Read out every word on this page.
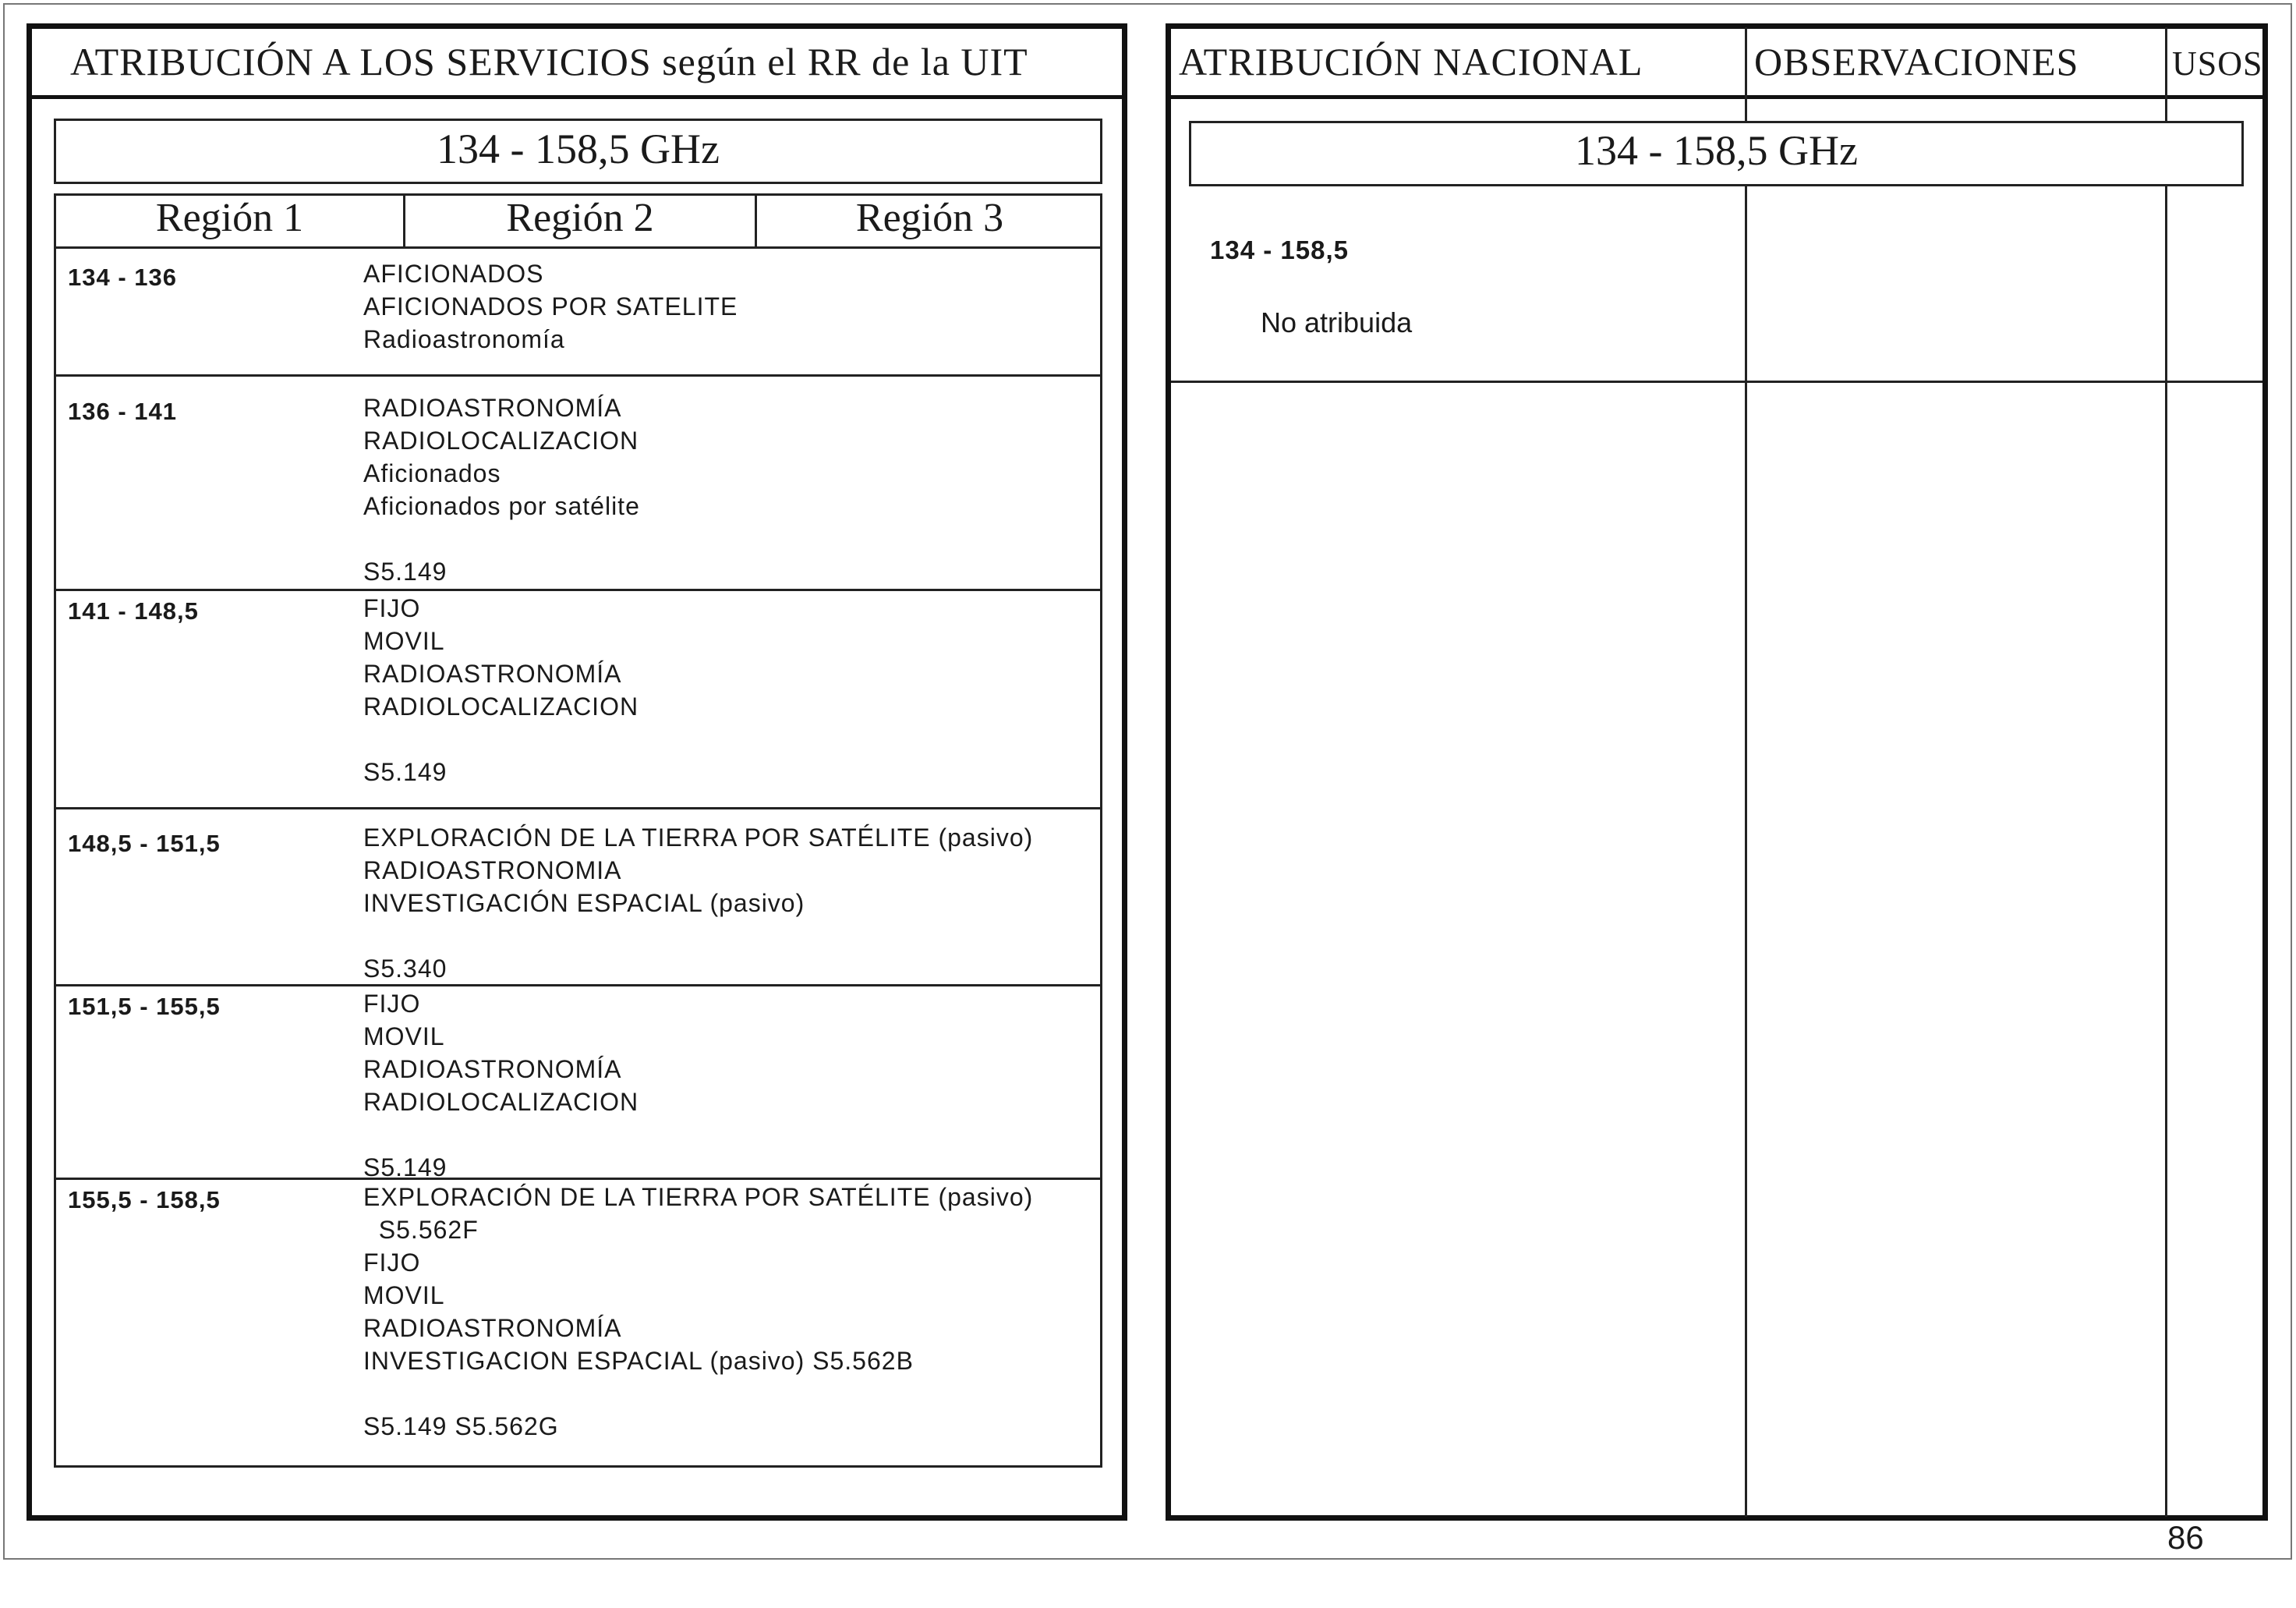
ATRIBUCIÓN A LOS SERVICIOS según el RR de la UIT
134 - 158,5 GHz
Región 1	Región 2	Región 3
134 - 136	AFICIONADOS
AFICIONADOS POR SATELITE
Radioastronomía
136 - 141	RADIOASTRONOMÍA
RADIOLOCALIZACION
Aficionados
Aficionados por satélite
S5.149
141 - 148,5	FIJO
MOVIL
RADIOASTRONOMÍA
RADIOLOCALIZACION
S5.149
148,5 - 151,5	EXPLORACIÓN DE LA TIERRA POR SATÉLITE (pasivo)
RADIOASTRONOMIA
INVESTIGACIÓN ESPACIAL (pasivo)
S5.340
151,5 - 155,5	FIJO
MOVIL
RADIOASTRONOMÍA
RADIOLOCALIZACION
S5.149
155,5 - 158,5	EXPLORACIÓN DE LA TIERRA POR SATÉLITE (pasivo)
S5.562F
FIJO
MOVIL
RADIOASTRONOMÍA
INVESTIGACION ESPACIAL (pasivo) S5.562B
S5.149 S5.562G
ATRIBUCIÓN NACIONAL	OBSERVACIONES	USOS
134 - 158,5 GHz
134 - 158,5
No atribuida
86
